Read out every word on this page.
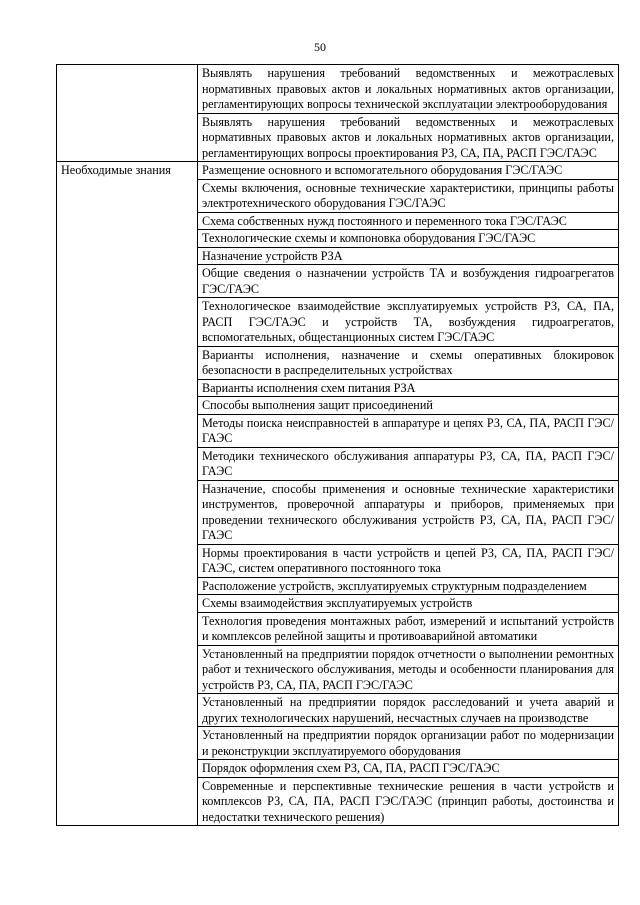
50
	Выявлять нарушения требований ведомственных и межотраслевых нормативных правовых актов и локальных нормативных актов организации, регламентирующих вопросы технической эксплуатации электрооборудования
	Выявлять нарушения требований ведомственных и межотраслевых нормативных правовых актов и локальных нормативных актов организации, регламентирующих вопросы проектирования РЗ, СА, ПА, РАСП ГЭС/ГАЭС
Необходимые знания	Размещение основного и вспомогательного оборудования ГЭС/ГАЭС
	Схемы включения, основные технические характеристики, принципы работы электротехнического оборудования ГЭС/ГАЭС
	Схема собственных нужд постоянного и переменного тока ГЭС/ГАЭС
	Технологические схемы и компоновка оборудования ГЭС/ГАЭС
	Назначение устройств РЗА
	Общие сведения о назначении устройств ТА и возбуждения гидроагрегатов ГЭС/ГАЭС
	Технологическое взаимодействие эксплуатируемых устройств РЗ, СА, ПА, РАСП ГЭС/ГАЭС и устройств ТА, возбуждения гидроагрегатов, вспомогательных, общестанционных систем ГЭС/ГАЭС
	Варианты исполнения, назначение и схемы оперативных блокировок безопасности в распределительных устройствах
	Варианты исполнения схем питания РЗА
	Способы выполнения защит присоединений
	Методы поиска неисправностей в аппаратуре и цепях РЗ, СА, ПА, РАСП ГЭС/ГАЭС
	Методики технического обслуживания аппаратуры РЗ, СА, ПА, РАСП ГЭС/ГАЭС
	Назначение, способы применения и основные технические характеристики инструментов, проверочной аппаратуры и приборов, применяемых при проведении технического обслуживания устройств РЗ, СА, ПА, РАСП ГЭС/ГАЭС
	Нормы проектирования в части устройств и цепей РЗ, СА, ПА, РАСП ГЭС/ГАЭС, систем оперативного постоянного тока
	Расположение устройств, эксплуатируемых структурным подразделением
	Схемы взаимодействия эксплуатируемых устройств
	Технология проведения монтажных работ, измерений и испытаний устройств и комплексов релейной защиты и противоаварийной автоматики
	Установленный на предприятии порядок отчетности о выполнении ремонтных работ и технического обслуживания, методы и особенности планирования для устройств РЗ, СА, ПА, РАСП ГЭС/ГАЭС
	Установленный на предприятии порядок расследований и учета аварий и других технологических нарушений, несчастных случаев на производстве
	Установленный на предприятии порядок организации работ по модернизации и реконструкции эксплуатируемого оборудования
	Порядок оформления схем РЗ, СА, ПА, РАСП ГЭС/ГАЭС
	Современные и перспективные технические решения в части устройств и комплексов РЗ, СА, ПА, РАСП ГЭС/ГАЭС (принцип работы, достоинства и недостатки технического решения)
